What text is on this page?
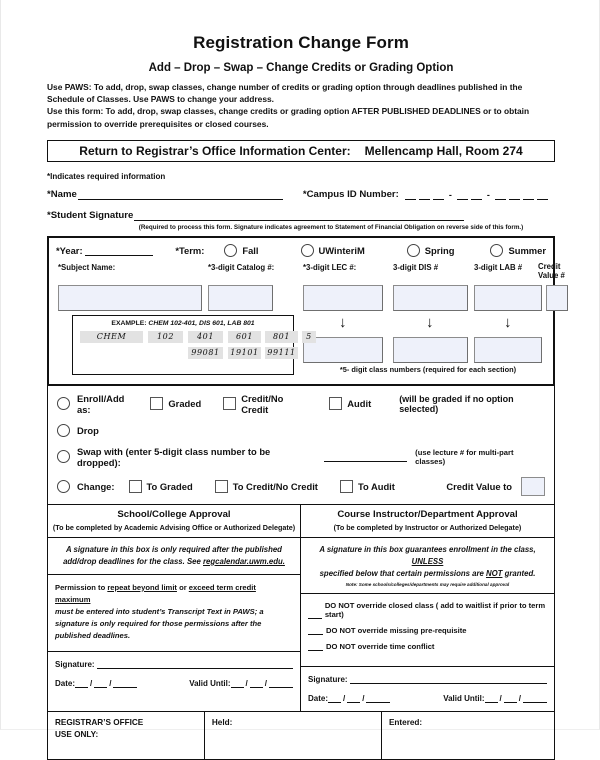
Registration Change Form
Add – Drop – Swap – Change Credits or Grading Option
Use PAWS: To add, drop, swap classes, change number of credits or grading option through deadlines published in the Schedule of Classes. Use PAWS to change your address.
Use this form: To add, drop, swap classes, change credits or grading option AFTER PUBLISHED DEADLINES or to obtain permission to override prerequisites or closed courses.
Return to Registrar’s Office Information Center: Mellencamp Hall, Room 274
*Indicates required information
*Name	*Campus ID Number:	-	-
*Student Signature
(Required to process this form. Signature indicates agreement to Statement of Financial Obligation on reverse side of this form.)
*Year:	*Term:	Fall	UWinteriM	Spring	Summer
*Subject Name:	*3-digit Catalog #:	*3-digit LEC #:	3-digit DIS #	3-digit LAB # Credit Value #
↓	↓	↓
*5- digit class numbers (required for each section)
EXAMPLE: CHEM 102-401, DIS 601, LAB 801
CHEM	102	401	601	801	5
99081	19101 99111
Enroll/Add as:	Graded	Credit/No Credit	Audit	(will be graded if no option selected)
Drop
Swap with (enter 5-digit class number to be dropped):
(use lecture # for multi-part classes)
Change:	To Graded	To Credit/No Credit	To Audit	Credit Value to
School/College Approval
(To be completed by Academic Advising Office or Authorized Delegate)
A signature in this box is only required after the published
add/drop deadlines for the class. See regcalendar.uwm.edu.
Permission to repeat beyond limit or exceed term credit maximum
must be entered into student’s Transcript Text in PAWS; a signature is only required for those permissions after the published deadlines.
Signature:
Date: / /	Valid Until: / /
Course Instructor/Department Approval
(To be completed by Instructor or Authorized Delegate)
A signature in this box guarantees enrollment in the class, UNLESS
specified below that certain permissions are NOT granted.
Note: Some schools/colleges/departments may require additional approval
DO NOT override closed class ( add to waitlist if prior to term start)
DO NOT override missing pre-requisite
DO NOT override time conflict
Signature:
Date: / /	Valid Until: / /
REGISTRAR’S OFFICE
USE ONLY:
Held:	Entered:
